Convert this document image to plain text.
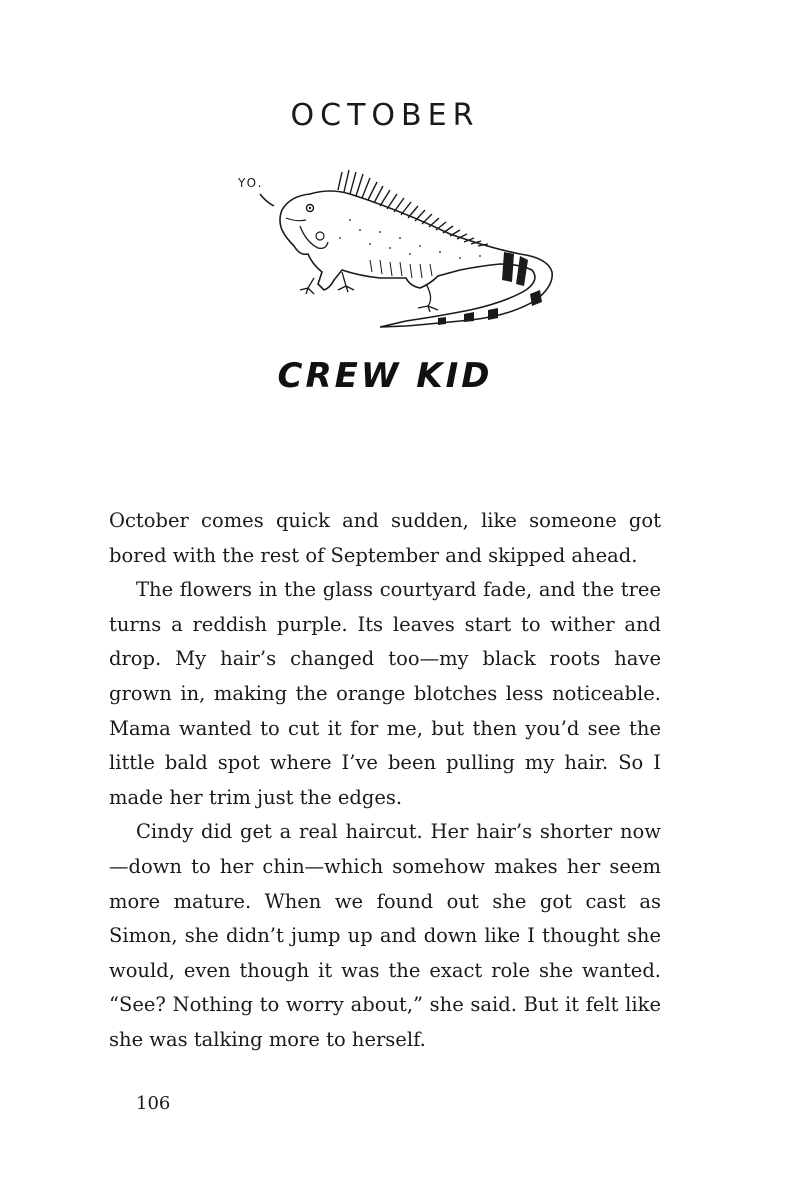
OCTOBER
YO.
CREW KID

October comes quick and sudden, like someone got bored with the rest of September and skipped ahead.

The flowers in the glass courtyard fade, and the tree turns a reddish purple. Its leaves start to wither and drop. My hair’s changed too—my black roots have grown in, making the orange blotches less noticeable. Mama wanted to cut it for me, but then you’d see the little bald spot where I’ve been pulling my hair. So I made her trim just the edges.

Cindy did get a real haircut. Her hair’s shorter now—down to her chin—which somehow makes her seem more mature. When we found out she got cast as Simon, she didn’t jump up and down like I thought she would, even though it was the exact role she wanted. “See? Nothing to worry about,” she said. But it felt like she was talking more to herself.

106
